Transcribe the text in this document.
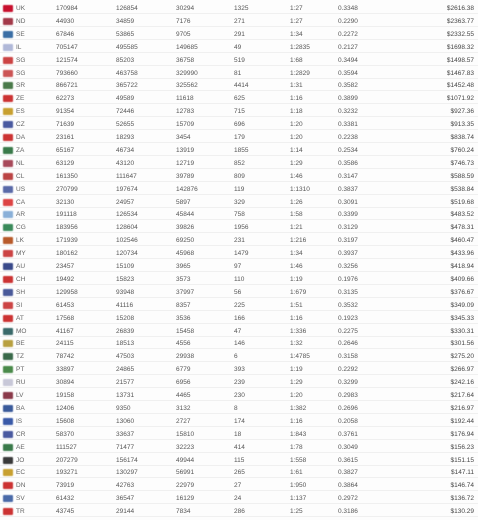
UK	170984	126854	30294	1325	1:27	0.3348	$2616.38
ND	44930	34859	7176	271	1:27	0.2290	$2363.77
SE	67846	53865	9705	291	1:34	0.2272	$2332.55
IL	705147	495585	149685	49	1:2835	0.2127	$1698.32
SG	121574	85203	36758	519	1:68	0.3494	$1498.57
SG	793660	463758	329990	81	1:2829	0.3594	$1467.83
SR	866721	365722	325562	4414	1:31	0.3582	$1452.48
ZE	62273	49589	11618	625	1:16	0.3899	$1071.92
ES	91354	72446	12783	715	1:18	0.3232	$927.36
CZ	71639	52655	15709	696	1:20	0.3381	$913.35
DA	23161	18293	3454	179	1:20	0.2238	$838.74
ZA	65167	46734	13919	1855	1:14	0.2534	$760.24
NL	63129	43120	12719	852	1:29	0.3586	$746.73
CL	161350	111647	39789	809	1:46	0.3147	$588.59
US	270799	197674	142876	119	1:1310	0.3837	$538.84
CA	32130	24957	5897	329	1:26	0.3091	$519.68
AR	191118	126534	45844	758	1:58	0.3399	$483.52
CG	183956	128604	39826	1956	1:21	0.3129	$478.31
LK	171939	102546	69250	231	1:216	0.3197	$460.47
MY	180162	120734	45968	1479	1:34	0.3937	$433.96
AU	23457	15109	3965	97	1:46	0.3256	$418.94
CH	19492	15823	3573	110	1:19	0.1976	$409.66
SH	129958	93948	37997	56	1:679	0.3135	$376.67
SI	61453	41116	8357	225	1:51	0.3532	$349.09
AT	17568	15208	3536	166	1:16	0.1923	$345.33
MO	41167	26839	15458	47	1:336	0.2275	$330.31
BE	24115	18513	4556	146	1:32	0.2646	$301.56
TZ	78742	47503	29938	6	1:4785	0.3158	$275.20
PT	33897	24865	6779	393	1:19	0.2292	$266.97
RU	30894	21577	6956	239	1:29	0.3299	$242.16
LV	19158	13731	4465	230	1:20	0.2983	$217.64
BA	12406	9350	3132	8	1:382	0.2696	$216.97
IS	15608	13060	2727	174	1:16	0.2058	$192.44
CR	58370	33637	15810	18	1:843	0.3761	$176.94
AE	111527	71477	32223	414	1:78	0.3049	$156.23
JO	207279	156174	49944	115	1:558	0.3615	$151.15
EC	193271	130297	56991	265	1:61	0.3827	$147.11
DN	73919	42763	22979	27	1:950	0.3864	$146.74
SV	61432	36547	16129	24	1:137	0.2972	$136.72
TR	43745	29144	7834	286	1:25	0.3186	$130.29
